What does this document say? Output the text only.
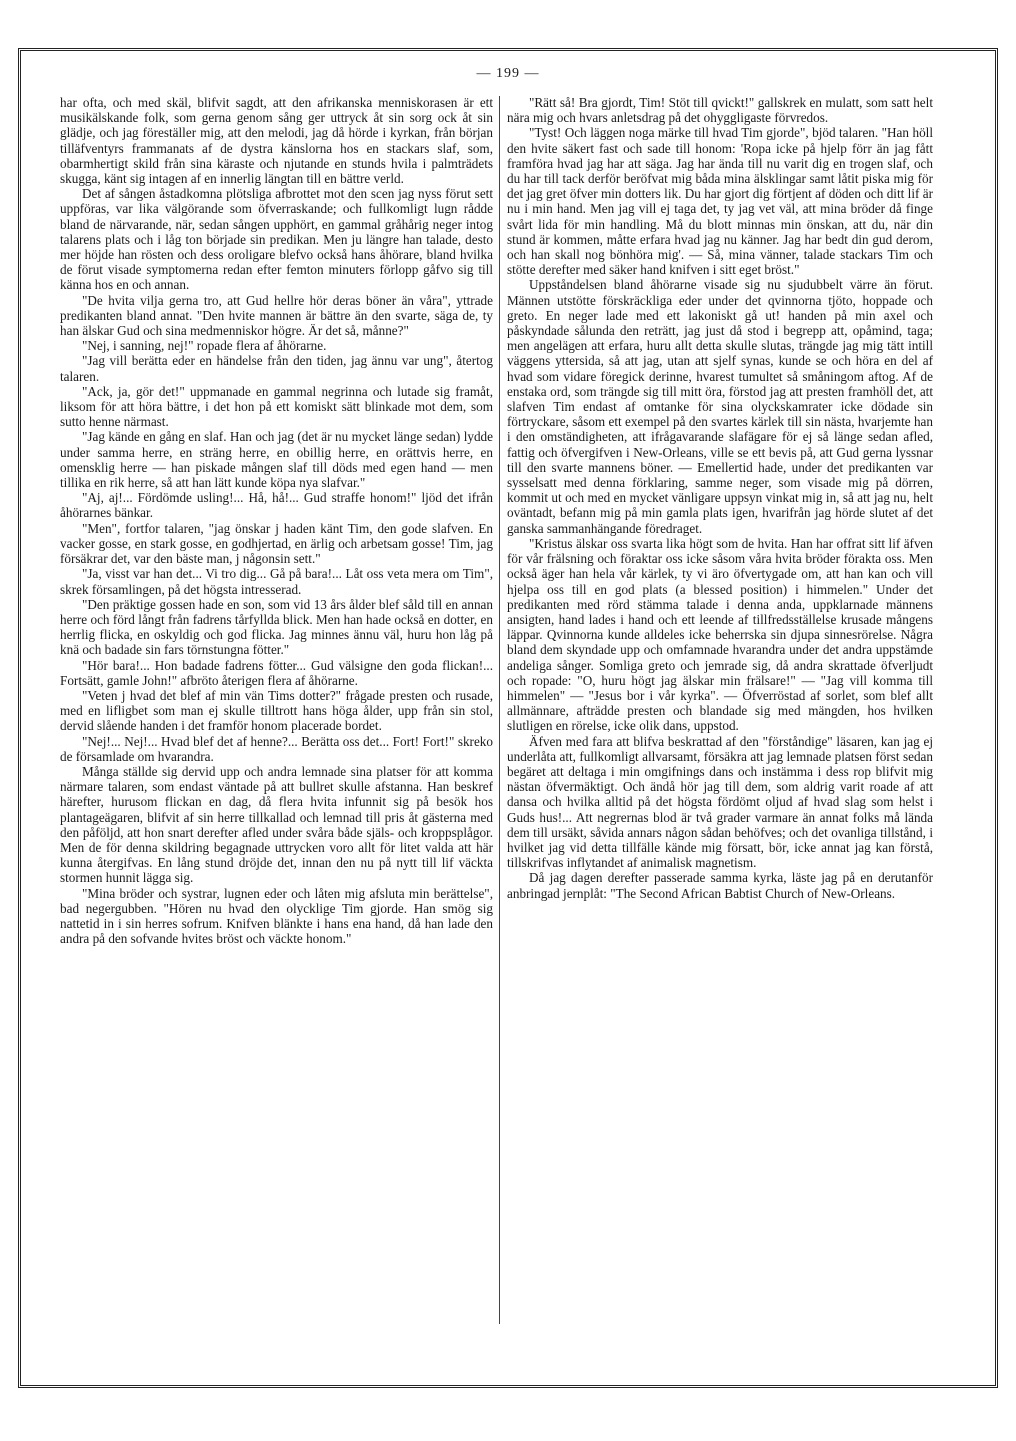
— 199 —

har ofta, och med skäl, blifvit sagdt, att den afrikanska menniskorasen är ett musikälskande folk, som gerna genom sång ger uttryck åt sin sorg ock åt sin glädje, och jag föreställer mig, att den melodi, jag då hörde i kyrkan, från början tilläfventyrs frammanats af de dystra känslorna hos en stackars slaf, som, obarmhertigt skild från sina käraste och njutande en stunds hvila i palmträdets skugga, känt sig intagen af en innerlig längtan till en bättre verld.

Det af sången åstadkomna plötsliga afbrottet mot den scen jag nyss förut sett uppföras, var lika välgörande som öfverraskande; och fullkomligt lugn rådde bland de närvarande, när, sedan sången upphört, en gammal gråhårig neger intog talarens plats och i låg ton började sin predikan. Men ju längre han talade, desto mer höjde han rösten och dess oroligare blefvo också hans åhörare, bland hvilka de förut visade symptomerna redan efter femton minuters förlopp gåfvo sig till känna hos en och annan.

"De hvita vilja gerna tro, att Gud hellre hör deras böner än våra", yttrade predikanten bland annat. "Den hvite mannen är bättre än den svarte, säga de, ty han älskar Gud och sina medmenniskor högre. Är det så, månne?"

"Nej, i sanning, nej!" ropade flera af åhörarne.

"Jag vill berätta eder en händelse från den tiden, jag ännu var ung", återtog talaren.

"Ack, ja, gör det!" uppmanade en gammal negrinna och lutade sig framåt, liksom för att höra bättre, i det hon på ett komiskt sätt blinkade mot dem, som sutto henne närmast.

"Jag kände en gång en slaf. Han och jag (det är nu mycket länge sedan) lydde under samma herre, en sträng herre, en obillig herre, en orättvis herre, en omensklig herre — han piskade mången slaf till döds med egen hand — men tillika en rik herre, så att han lätt kunde köpa nya slafvar."

"Aj, aj!... Fördömde usling!... Hå, hå!... Gud straffe honom!" ljöd det ifrån åhörarnes bänkar.

"Men", fortfor talaren, "jag önskar j haden känt Tim, den gode slafven. En vacker gosse, en stark gosse, en godhjertad, en ärlig och arbetsam gosse! Tim, jag försäkrar det, var den bäste man, j någonsin sett."

"Ja, visst var han det... Vi tro dig... Gå på bara!... Låt oss veta mera om Tim", skrek församlingen, på det högsta intresserad.

"Den präktige gossen hade en son, som vid 13 års ålder blef såld till en annan herre och förd långt från fadrens tårfyllda blick. Men han hade också en dotter, en herrlig flicka, en oskyldig och god flicka. Jag minnes ännu väl, huru hon låg på knä och badade sin fars törnstungna fötter."

"Hör bara!... Hon badade fadrens fötter... Gud välsigne den goda flickan!... Fortsätt, gamle John!" afbröto återigen flera af åhörarne.

"Veten j hvad det blef af min vän Tims dotter?" frågade presten och rusade, med en lifligbet som man ej skulle tilltrott hans höga ålder, upp från sin stol, dervid slående handen i det framför honom placerade bordet.

"Nej!... Nej!... Hvad blef det af henne?... Berätta oss det... Fort! Fort!" skreko de församlade om hvarandra.

Många ställde sig dervid upp och andra lemnade sina platser för att komma närmare talaren, som endast väntade på att bullret skulle afstanna. Han beskref härefter, hurusom flickan en dag, då flera hvita infunnit sig på besök hos plantageägaren, blifvit af sin herre tillkallad och lemnad till pris åt gästerna med den påföljd, att hon snart derefter afled under svåra både själs- och kroppsplågor. Men de för denna skildring begagnade uttrycken voro allt för litet valda att här kunna återgifvas. En lång stund dröjde det, innan den nu på nytt till lif väckta stormen hunnit lägga sig.

"Mina bröder och systrar, lugnen eder och låten mig afsluta min berättelse", bad negergubben. "Hören nu hvad den olycklige Tim gjorde. Han smög sig nattetid in i sin herres sofrum. Knifven blänkte i hans ena hand, då han lade den andra på den sofvande hvites bröst och väckte honom."

"Rätt så! Bra gjordt, Tim! Stöt till qvickt!" gallskrek en mulatt, som satt helt nära mig och hvars anletsdrag på det ohyggligaste förvredos.

"Tyst! Och läggen noga märke till hvad Tim gjorde", bjöd talaren. "Han höll den hvite säkert fast och sade till honom: 'Ropa icke på hjelp förr än jag fått framföra hvad jag har att säga. Jag har ända till nu varit dig en trogen slaf, och du har till tack derför beröfvat mig båda mina älsklingar samt låtit piska mig för det jag gret öfver min dotters lik. Du har gjort dig förtjent af döden och ditt lif är nu i min hand. Men jag vill ej taga det, ty jag vet väl, att mina bröder då finge svårt lida för min handling. Må du blott minnas min önskan, att du, när din stund är kommen, måtte erfara hvad jag nu känner. Jag har bedt din gud derom, och han skall nog bönhöra mig'. — Så, mina vänner, talade stackars Tim och stötte derefter med säker hand knifven i sitt eget bröst."

Uppståndelsen bland åhörarne visade sig nu sjudubbelt värre än förut. Männen utstötte förskräckliga eder under det qvinnorna tjöto, hoppade och greto. En neger lade med ett lakoniskt gå ut! handen på min axel och påskyndade sålunda den reträtt, jag just då stod i begrepp att, opåmind, taga; men angelägen att erfara, huru allt detta skulle slutas, trängde jag mig tätt intill väggens yttersida, så att jag, utan att sjelf synas, kunde se och höra en del af hvad som vidare föregick derinne, hvarest tumultet så småningom aftog. Af de enstaka ord, som trängde sig till mitt öra, förstod jag att presten framhöll det, att slafven Tim endast af omtanke för sina olyckskamrater icke dödade sin förtryckare, såsom ett exempel på den svartes kärlek till sin nästa, hvarjemte han i den omständigheten, att ifrågavarande slafägare för ej så länge sedan afled, fattig och öfvergifven i New-Orleans, ville se ett bevis på, att Gud gerna lyssnar till den svarte mannens böner. — Emellertid hade, under det predikanten var sysselsatt med denna förklaring, samme neger, som visade mig på dörren, kommit ut och med en mycket vänligare uppsyn vinkat mig in, så att jag nu, helt oväntadt, befann mig på min gamla plats igen, hvarifrån jag hörde slutet af det ganska sammanhängande föredraget.

"Kristus älskar oss svarta lika högt som de hvita. Han har offrat sitt lif äfven för vår frälsning och föraktar oss icke såsom våra hvita bröder förakta oss. Men också äger han hela vår kärlek, ty vi äro öfvertygade om, att han kan och vill hjelpa oss till en god plats (a blessed position) i himmelen." Under det predikanten med rörd stämma talade i denna anda, uppklarnade männens ansigten, hand lades i hand och ett leende af tillfredsställelse krusade mångens läppar. Qvinnorna kunde alldeles icke beherrska sin djupa sinnesrörelse. Några bland dem skyndade upp och omfamnade hvarandra under det andra uppstämde andeliga sånger. Somliga greto och jemrade sig, då andra skrattade öfverljudt och ropade: "O, huru högt jag älskar min frälsare!" — "Jag vill komma till himmelen" — "Jesus bor i vår kyrka". — Öfverröstad af sorlet, som blef allt allmännare, afträdde presten och blandade sig med mängden, hos hvilken slutligen en rörelse, icke olik dans, uppstod.

Äfven med fara att blifva beskrattad af den "förståndige" läsaren, kan jag ej underlåta att, fullkomligt allvarsamt, försäkra att jag lemnade platsen först sedan begäret att deltaga i min omgifnings dans och instämma i dess rop blifvit mig nästan öfvermäktigt. Och ändå hör jag till dem, som aldrig varit roade af att dansa och hvilka alltid på det högsta fördömt oljud af hvad slag som helst i Guds hus!... Att negrernas blod är två grader varmare än annat folks må lända dem till ursäkt, såvida annars någon sådan behöfves; och det ovanliga tillstånd, i hvilket jag vid detta tillfälle kände mig försatt, bör, icke annat jag kan förstå, tillskrifvas inflytandet af animalisk magnetism.

Då jag dagen derefter passerade samma kyrka, läste jag på en derutanför anbringad jernplåt: "The Second African Babtist Church of New-Orleans.
